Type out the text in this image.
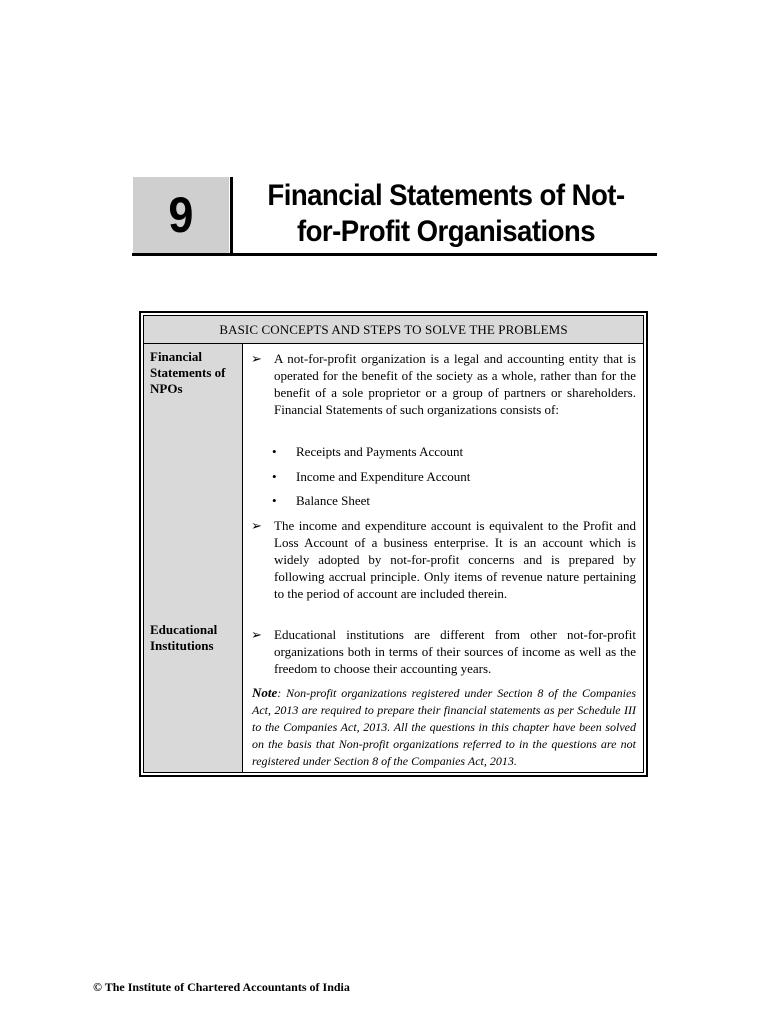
9	Financial Statements of Not-
for-Profit Organisations
BASIC CONCEPTS AND STEPS TO SOLVE THE PROBLEMS
Financial Statements of NPOs
Educational Institutions
➢ A not-for-profit organization is a legal and accounting entity that is operated for the benefit of the society as a whole, rather than for the benefit of a sole proprietor or a group of partners or shareholders. Financial Statements of such organizations consists of:
• Receipts and Payments Account
• Income and Expenditure Account
• Balance Sheet
➢ The income and expenditure account is equivalent to the Profit and Loss Account of a business enterprise. It is an account which is widely adopted by not-for-profit concerns and is prepared by following accrual principle. Only items of revenue nature pertaining to the period of account are included therein.
➢ Educational institutions are different from other not-for-profit organizations both in terms of their sources of income as well as the freedom to choose their accounting years.
Note: Non-profit organizations registered under Section 8 of the Companies Act, 2013 are required to prepare their financial statements as per Schedule III to the Companies Act, 2013. All the questions in this chapter have been solved on the basis that Non-profit organizations referred to in the questions are not registered under Section 8 of the Companies Act, 2013.
© The Institute of Chartered Accountants of India
